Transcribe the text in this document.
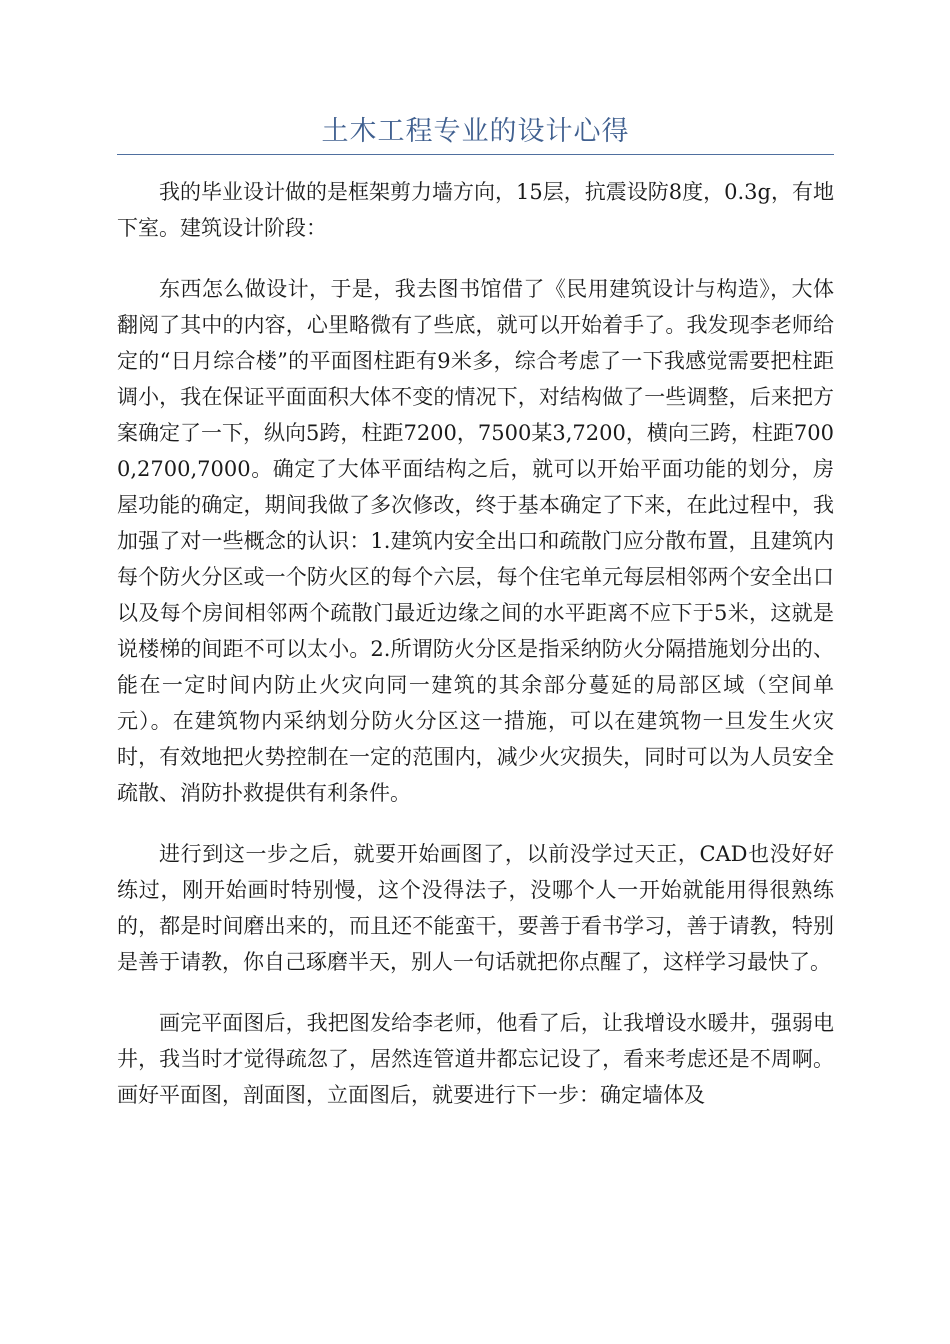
土木工程专业的设计心得

我的毕业设计做的是框架剪力墙方向，15层，抗震设防8度，0.3g，有地下室。建筑设计阶段：

东西怎么做设计，于是，我去图书馆借了《民用建筑设计与构造》，大体翻阅了其中的内容，心里略微有了些底，就可以开始着手了。我发现李老师给定的“日月综合楼”的平面图柱距有9米多，综合考虑了一下我感觉需要把柱距调小，我在保证平面面积大体不变的情况下，对结构做了一些调整，后来把方案确定了一下，纵向5跨，柱距7200，7500某3,7200，横向三跨，柱距7000,2700,7000。确定了大体平面结构之后，就可以开始平面功能的划分，房屋功能的确定，期间我做了多次修改，终于基本确定了下来，在此过程中，我加强了对一些概念的认识：1.建筑内安全出口和疏散门应分散布置，且建筑内每个防火分区或一个防火区的每个六层，每个住宅单元每层相邻两个安全出口以及每个房间相邻两个疏散门最近边缘之间的水平距离不应下于5米，这就是说楼梯的间距不可以太小。2.所谓防火分区是指采纳防火分隔措施划分出的、能在一定时间内防止火灾向同一建筑的其余部分蔓延的局部区域（空间单元）。在建筑物内采纳划分防火分区这一措施，可以在建筑物一旦发生火灾时，有效地把火势控制在一定的范围内，减少火灾损失，同时可以为人员安全疏散、消防扑救提供有利条件。

进行到这一步之后，就要开始画图了，以前没学过天正，CAD也没好好练过，刚开始画时特别慢，这个没得法子，没哪个人一开始就能用得很熟练的，都是时间磨出来的，而且还不能蛮干，要善于看书学习，善于请教，特别是善于请教，你自己琢磨半天，别人一句话就把你点醒了，这样学习最快了。

画完平面图后，我把图发给李老师，他看了后，让我增设水暖井，强弱电井，我当时才觉得疏忽了，居然连管道井都忘记设了，看来考虑还是不周啊。画好平面图，剖面图，立面图后，就要进行下一步：确定墙体及
